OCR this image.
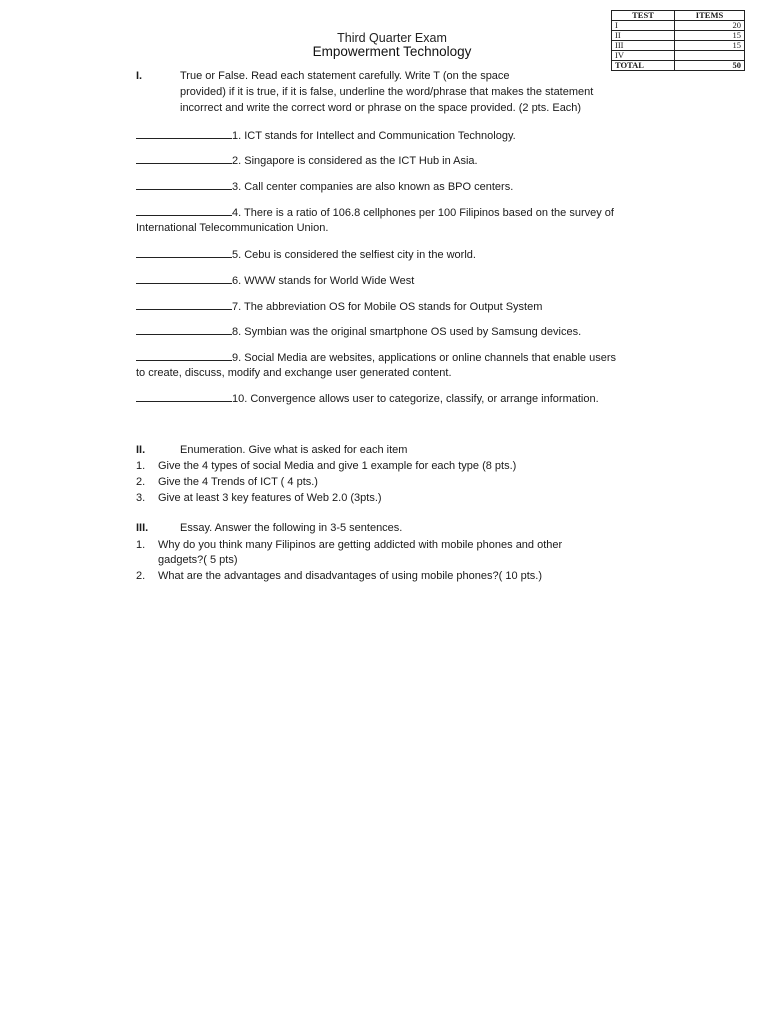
TEST	ITEMS
I	20
II	15
III	15
IV	
TOTAL	50
Third Quarter Exam
Empowerment Technology
I.	True or False. Read each statement carefully. Write T (on the space
provided) if it is true, if it is false, underline the word/phrase that makes the statement
incorrect and write the correct word or phrase on the space provided. (2 pts. Each)
1. ICT stands for Intellect and Communication Technology.
2. Singapore is considered as the ICT Hub in Asia.
3. Call center companies are also known as BPO centers.
4. There is a ratio of 106.8 cellphones per 100 Filipinos based on the survey of
International Telecommunication Union.
5. Cebu is considered the selfiest city in the world.
6. WWW stands for World Wide West
7. The abbreviation OS for Mobile OS stands for Output System
8. Symbian was the original smartphone OS used by Samsung devices.
9. Social Media are websites, applications or online channels that enable users
to create, discuss, modify and exchange user generated content.
10. Convergence allows user to categorize, classify, or arrange information.
II.	Enumeration. Give what is asked for each item
1. Give the 4 types of social Media and give 1 example for each type (8 pts.)
2. Give the 4 Trends of ICT ( 4 pts.)
3. Give at least 3 key features of Web 2.0 (3pts.)
III.	Essay. Answer the following in 3-5 sentences.
1. Why do you think many Filipinos are getting addicted with mobile phones and other
gadgets?( 5 pts)
2. What are the advantages and disadvantages of using mobile phones?( 10 pts.)
